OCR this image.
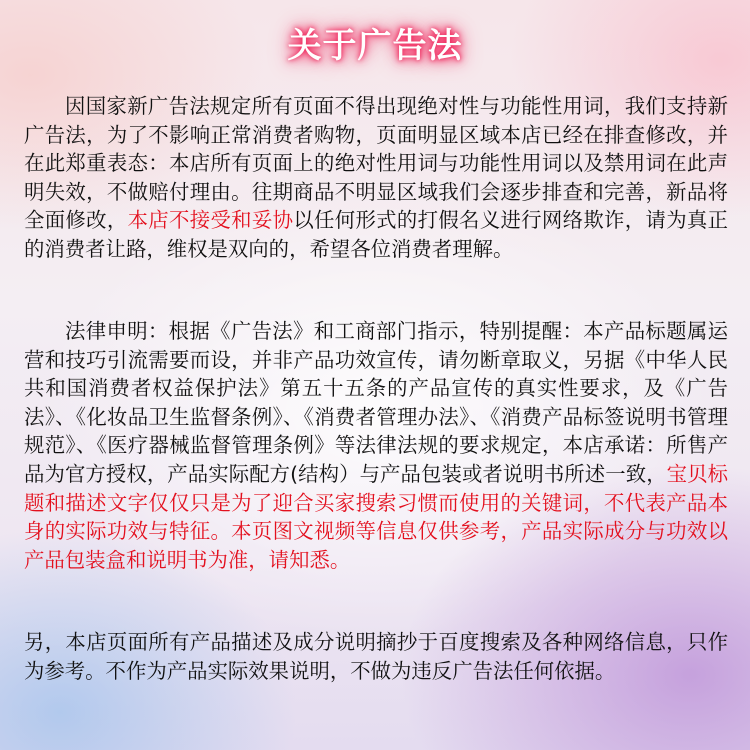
关于广告法

因国家新广告法规定所有页面不得出现绝对性与功能性用词，我们支持新广告法，为了不影响正常消费者购物，页面明显区域本店已经在排查修改，并在此郑重表态：本店所有页面上的绝对性用词与功能性用词以及禁用词在此声明失效，不做赔付理由。往期商品不明显区域我们会逐步排查和完善，新品将全面修改，本店不接受和妥协以任何形式的打假名义进行网络欺诈，请为真正的消费者让路，维权是双向的，希望各位消费者理解。

法律申明：根据《广告法》和工商部门指示，特别提醒：本产品标题属运营和技巧引流需要而设，并非产品功效宣传，请勿断章取义，另据《中华人民共和国消费者权益保护法》第五十五条的产品宣传的真实性要求，及《广告法》、《化妆品卫生监督条例》、《消费者管理办法》、《消费产品标签说明书管理规范》、《医疗器械监督管理条例》等法律法规的要求规定，本店承诺：所售产品为官方授权，产品实际配方(结构）与产品包装或者说明书所述一致，宝贝标题和描述文字仅仅只是为了迎合买家搜索习惯而使用的关键词，不代表产品本身的实际功效与特征。本页图文视频等信息仅供参考，产品实际成分与功效以产品包装盒和说明书为准，请知悉。

另，本店页面所有产品描述及成分说明摘抄于百度搜索及各种网络信息，只作为参考。不作为产品实际效果说明，不做为违反广告法任何依据。
